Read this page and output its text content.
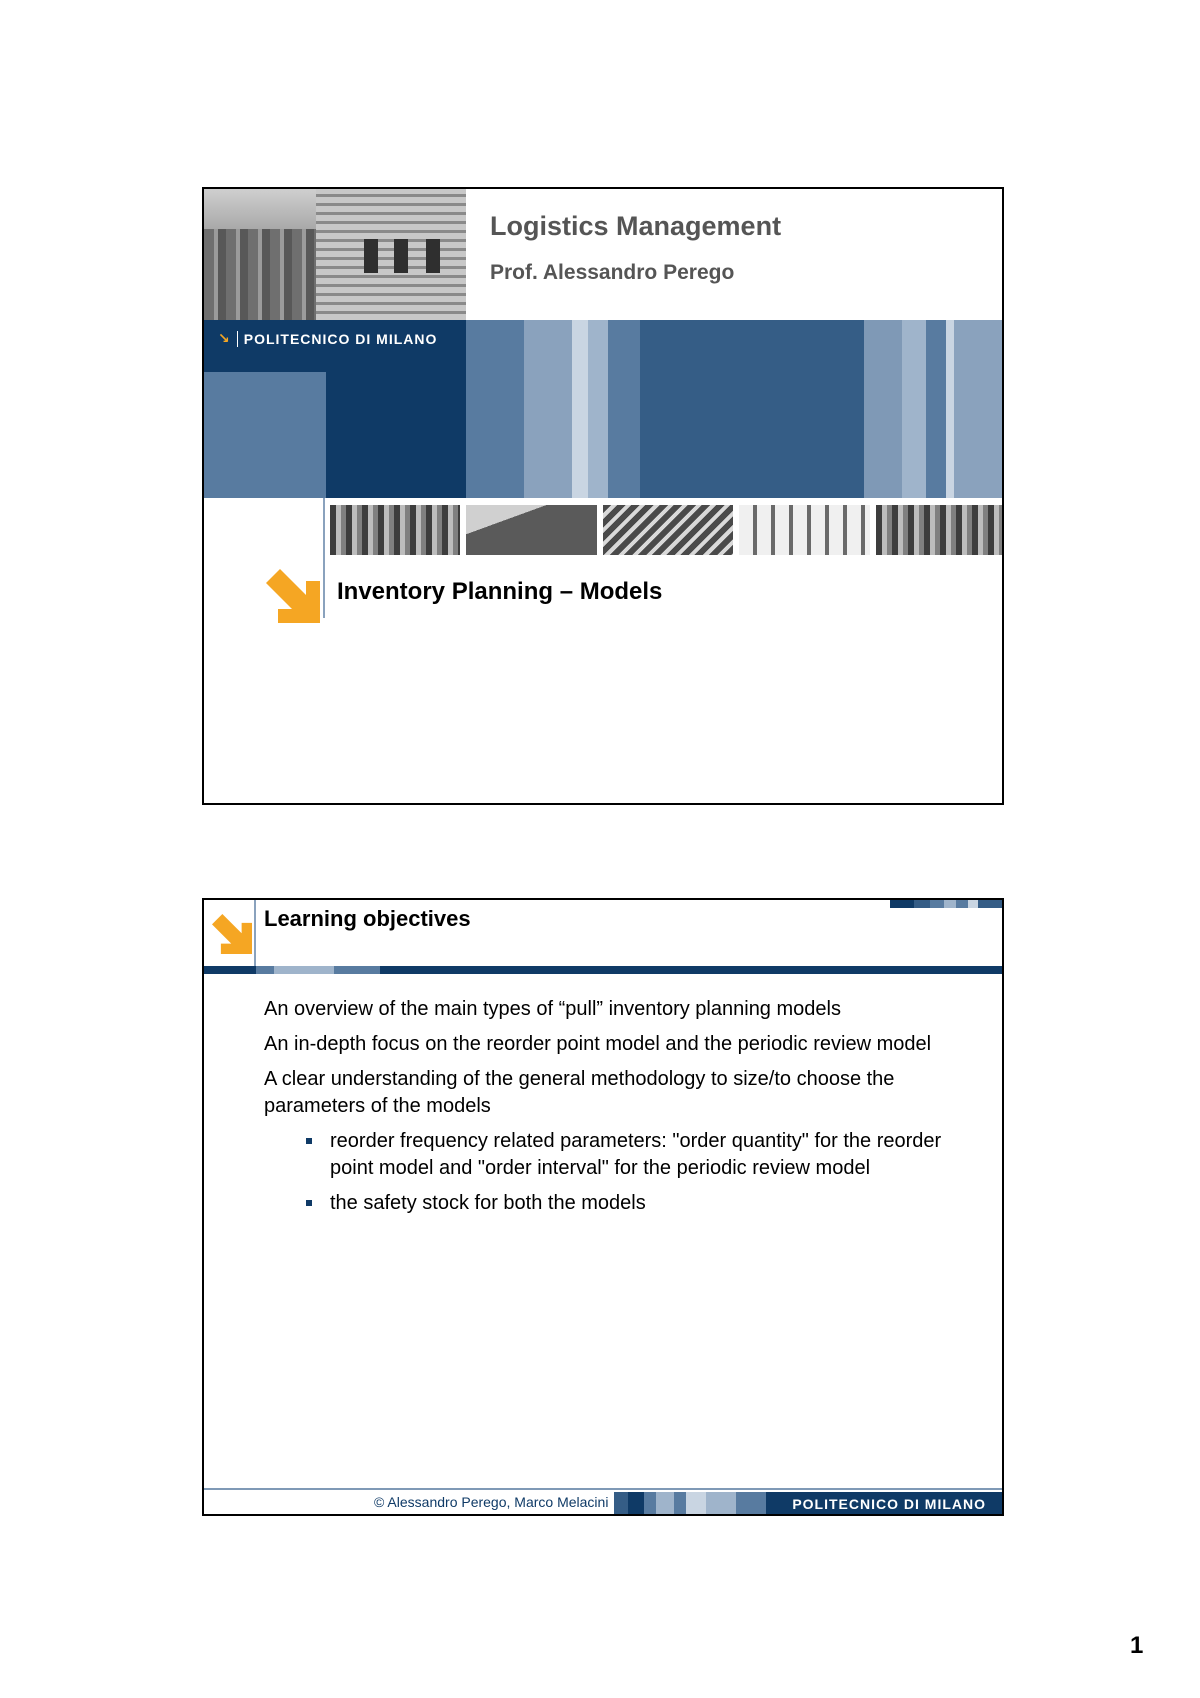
Logistics Management
Prof. Alessandro Perego
↘ POLITECNICO DI MILANO
Inventory Planning – Models
Learning objectives

An overview of the main types of “pull” inventory planning models

An in-depth focus on the reorder point model and the periodic review model

A clear understanding of the general methodology to size/to choose the parameters of the models

reorder frequency related parameters: "order quantity" for the reorder point model and "order interval" for the periodic review model
the safety stock for both the models
© Alessandro Perego, Marco Melacini	POLITECNICO DI MILANO
1
